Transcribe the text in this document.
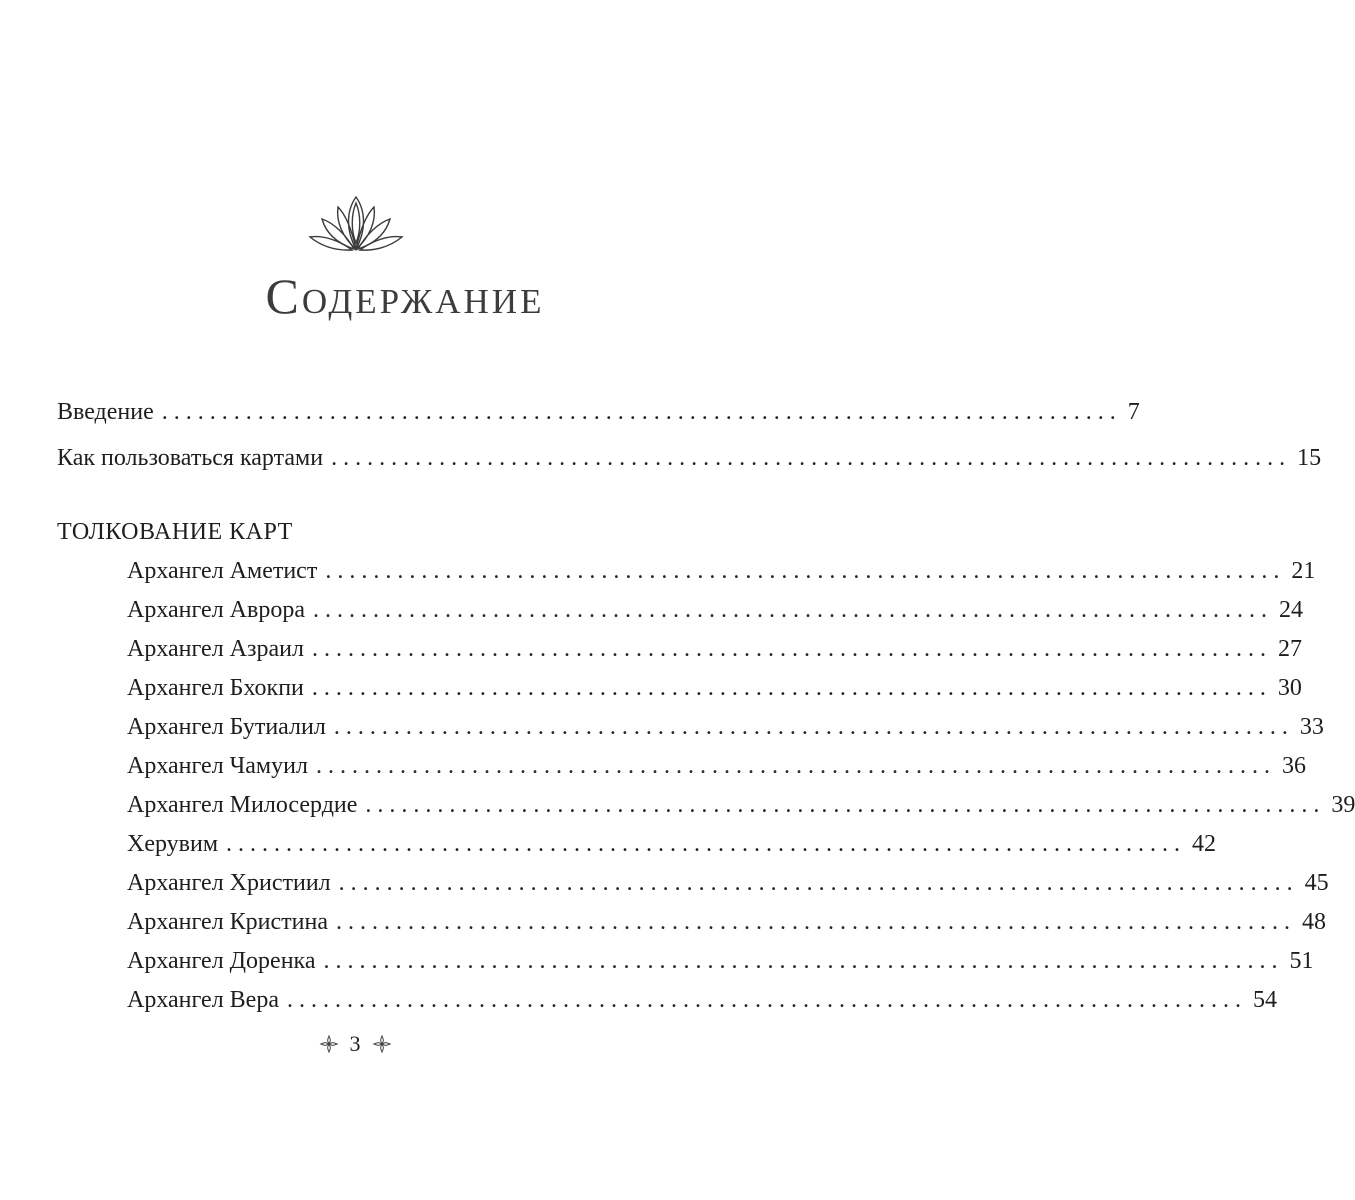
Содержание
Введение ................................................................................ 7
Как пользоваться картами ................................................................................ 15
ТОЛКОВАНИЕ КАРТ
Архангел Аметист ................................................................................ 21
Архангел Аврора ................................................................................ 24
Архангел Азраил ................................................................................ 27
Архангел Бхокпи ................................................................................ 30
Архангел Бутиалил ................................................................................ 33
Архангел Чамуил ................................................................................ 36
Архангел Милосердие ................................................................................ 39
Херувим ................................................................................ 42
Архангел Христиил ................................................................................ 45
Архангел Кристина ................................................................................ 48
Архангел Доренка ................................................................................ 51
Архангел Вера ................................................................................ 54
3
